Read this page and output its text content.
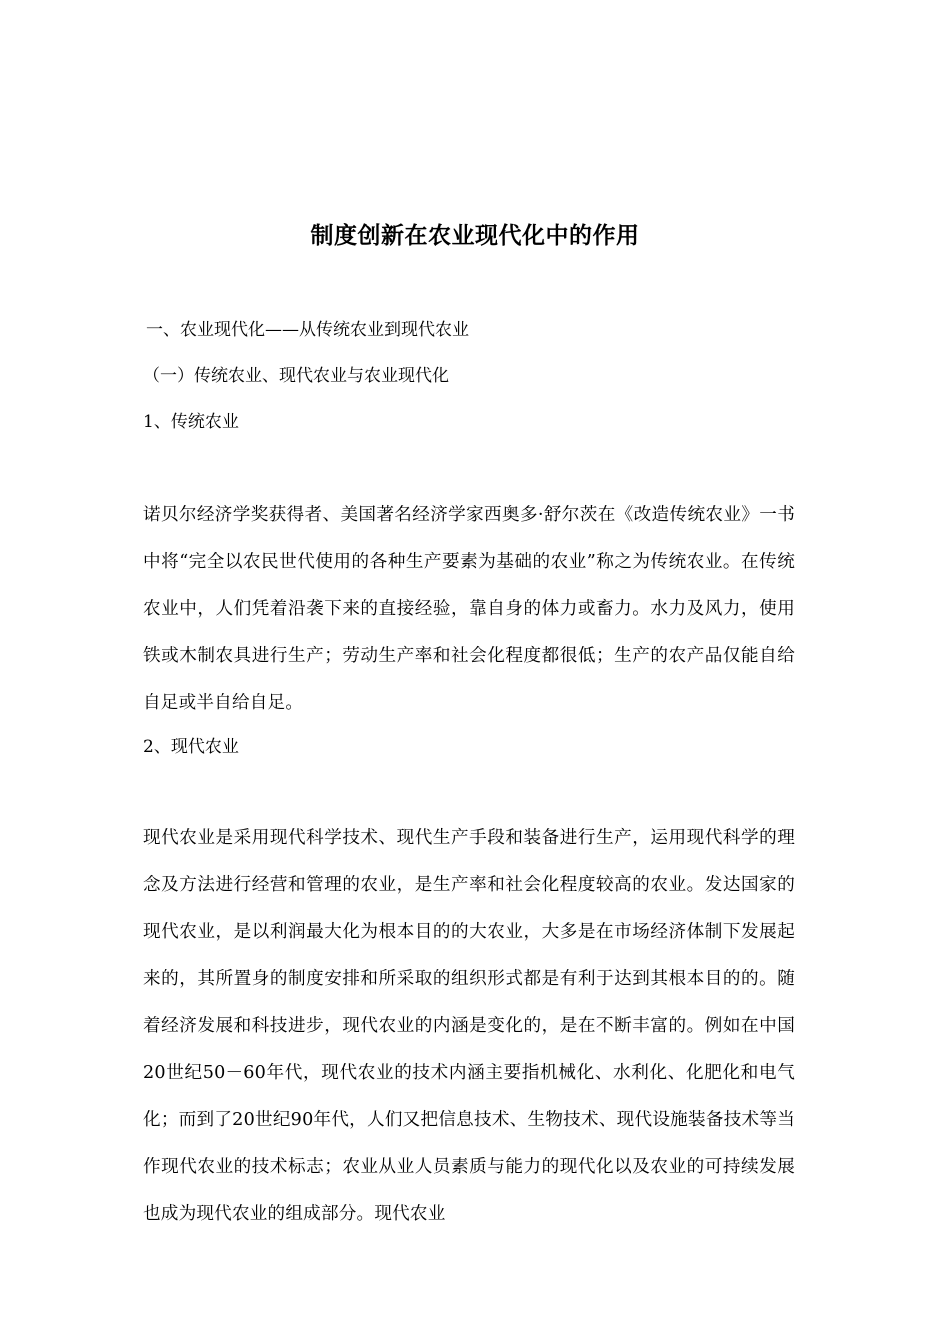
制度创新在农业现代化中的作用
一、农业现代化——从传统农业到现代农业
（一）传统农业、现代农业与农业现代化
1、传统农业
诺贝尔经济学奖获得者、美国著名经济学家西奥多·舒尔茨在《改造传统农业》一书中将“完全以农民世代使用的各种生产要素为基础的农业”称之为传统农业。在传统农业中，人们凭着沿袭下来的直接经验，靠自身的体力或畜力。水力及风力，使用铁或木制农具进行生产；劳动生产率和社会化程度都很低；生产的农产品仅能自给自足或半自给自足。
2、现代农业
现代农业是采用现代科学技术、现代生产手段和装备进行生产，运用现代科学的理念及方法进行经营和管理的农业，是生产率和社会化程度较高的农业。发达国家的现代农业，是以利润最大化为根本目的的大农业，大多是在市场经济体制下发展起来的，其所置身的制度安排和所采取的组织形式都是有利于达到其根本目的的。随着经济发展和科技进步，现代农业的内涵是变化的，是在不断丰富的。例如在中国20世纪50－60年代，现代农业的技术内涵主要指机械化、水利化、化肥化和电气化；而到了20世纪90年代，人们又把信息技术、生物技术、现代设施装备技术等当作现代农业的技术标志；农业从业人员素质与能力的现代化以及农业的可持续发展也成为现代农业的组成部分。现代农业
